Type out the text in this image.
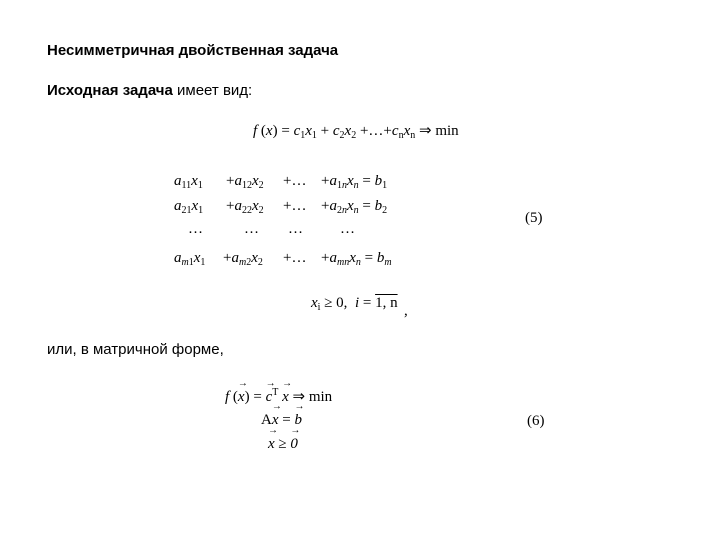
Несимметричная двойственная задача
Исходная задача имеет вид:
f $(x) = c_1x_1 + c_2x_2$ $+\dots+c_nx_n$ ⇒ min
$a_{11}x_1 +a_{12}x_2$ +… $+a_{1n}x_n = b_1$
$a_{21}x_1 +a_{22}x_2$ +… $+a_{2n}x_n = b_2$
…	… … …
$a_{m1}x_1 +a_{m2}x_2$ +… $+a_{mn}x_n = b_m$
(5)
$x_i \ge 0$, i = 1, n ,
или, в матричной форме,
f (→ x) = → $c^T \to x$ ⇒ min
A→ x = → b
→ x ≥ → 0
(6)
